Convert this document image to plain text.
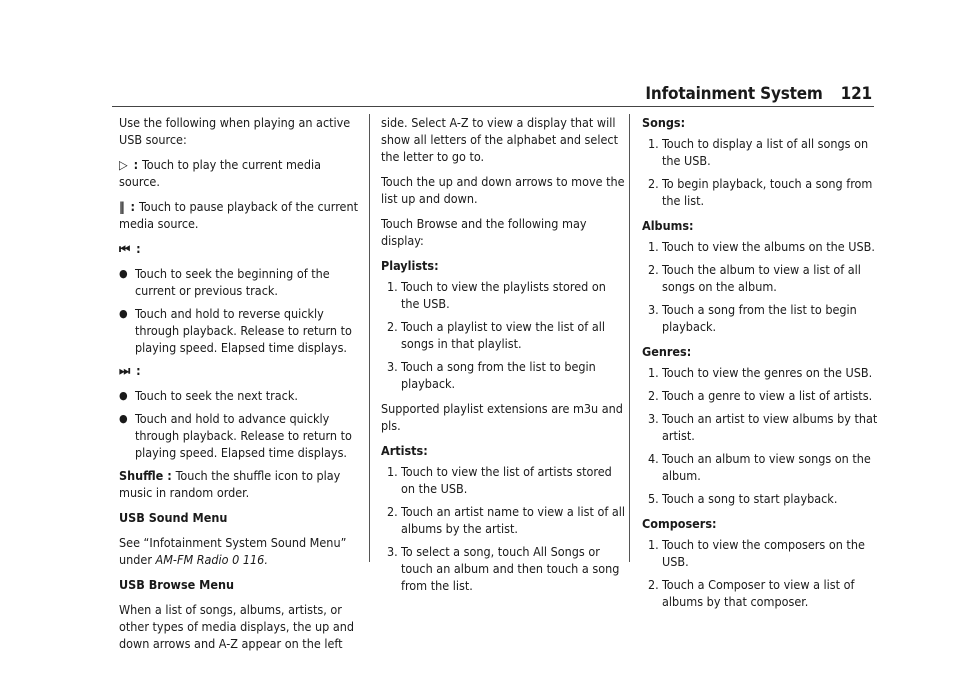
Infotainment System 121

Use the following when playing an active USB source:

▷ : Touch to play the current media source.

‖ : Touch to pause playback of the current media source.

⏮ :

● Touch to seek the beginning of the current or previous track.
● Touch and hold to reverse quickly through playback. Release to return to playing speed. Elapsed time displays.

⏭ :

● Touch to seek the next track.
● Touch and hold to advance quickly through playback. Release to return to playing speed. Elapsed time displays.

Shuffle : Touch the shuffle icon to play music in random order.

USB Sound Menu

See “Infotainment System Sound Menu” under AM-FM Radio 0 116.

USB Browse Menu

When a list of songs, albums, artists, or other types of media displays, the up and down arrows and A-Z appear on the left

side. Select A-Z to view a display that will show all letters of the alphabet and select the letter to go to.

Touch the up and down arrows to move the list up and down.

Touch Browse and the following may display:

Playlists:

1. Touch to view the playlists stored on the USB.
2. Touch a playlist to view the list of all songs in that playlist.
3. Touch a song from the list to begin playback.

Supported playlist extensions are m3u and pls.

Artists:

1. Touch to view the list of artists stored on the USB.
2. Touch an artist name to view a list of all albums by the artist.
3. To select a song, touch All Songs or touch an album and then touch a song from the list.

Songs:

1. Touch to display a list of all songs on the USB.
2. To begin playback, touch a song from the list.

Albums:

1. Touch to view the albums on the USB.
2. Touch the album to view a list of all songs on the album.
3. Touch a song from the list to begin playback.

Genres:

1. Touch to view the genres on the USB.
2. Touch a genre to view a list of artists.
3. Touch an artist to view albums by that artist.
4. Touch an album to view songs on the album.
5. Touch a song to start playback.

Composers:

1. Touch to view the composers on the USB.
2. Touch a Composer to view a list of albums by that composer.
